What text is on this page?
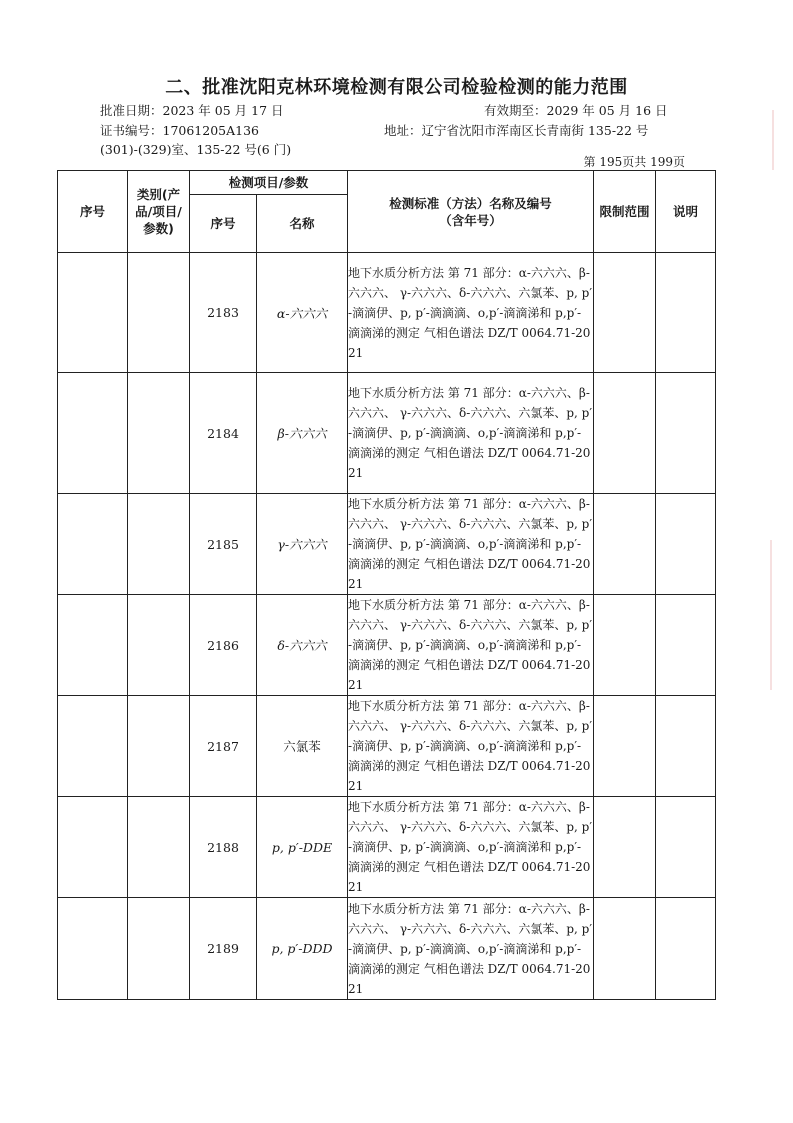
二、批准沈阳克林环境检测有限公司检验检测的能力范围
批准日期：2023 年 05 月 17 日	有效期至：2029 年 05 月 16 日
证书编号：17061205A136	地址：辽宁省沈阳市浑南区长青南街 135-22 号
(301)-(329)室、135-22 号(6 门)
第 195页共 199页
序号	类别(产品/项目/参数)	检测项目/参数		检测标准（方法）名称及编号（含年号）	限制范围	说明
		序号	名称			
		2183	α-六六六	地下水质分析方法 第 71 部分：α-六六六、β-六六六、 γ-六六六、δ-六六六、六氯苯、p, p′-滴滴伊、p, p′-滴滴滴、o,p′-滴滴涕和 p,p′-滴滴涕的测定 气相色谱法 DZ/T 0064.71-2021		
		2184	β-六六六	地下水质分析方法 第 71 部分：α-六六六、β-六六六、 γ-六六六、δ-六六六、六氯苯、p, p′-滴滴伊、p, p′-滴滴滴、o,p′-滴滴涕和 p,p′-滴滴涕的测定 气相色谱法 DZ/T 0064.71-2021		
		2185	γ-六六六	地下水质分析方法 第 71 部分：α-六六六、β-六六六、 γ-六六六、δ-六六六、六氯苯、p, p′-滴滴伊、p, p′-滴滴滴、o,p′-滴滴涕和 p,p′-滴滴涕的测定 气相色谱法 DZ/T 0064.71-2021		
		2186	δ-六六六	地下水质分析方法 第 71 部分：α-六六六、β-六六六、 γ-六六六、δ-六六六、六氯苯、p, p′-滴滴伊、p, p′-滴滴滴、o,p′-滴滴涕和 p,p′-滴滴涕的测定 气相色谱法 DZ/T 0064.71-2021		
		2187	六氯苯	地下水质分析方法 第 71 部分：α-六六六、β-六六六、 γ-六六六、δ-六六六、六氯苯、p, p′-滴滴伊、p, p′-滴滴滴、o,p′-滴滴涕和 p,p′-滴滴涕的测定 气相色谱法 DZ/T 0064.71-2021		
		2188	p, p′-DDE	地下水质分析方法 第 71 部分：α-六六六、β-六六六、 γ-六六六、δ-六六六、六氯苯、p, p′-滴滴伊、p, p′-滴滴滴、o,p′-滴滴涕和 p,p′-滴滴涕的测定 气相色谱法 DZ/T 0064.71-2021		
		2189	p, p′-DDD	地下水质分析方法 第 71 部分：α-六六六、β-六六六、 γ-六六六、δ-六六六、六氯苯、p, p′-滴滴伊、p, p′-滴滴滴、o,p′-滴滴涕和 p,p′-滴滴涕的测定 气相色谱法 DZ/T 0064.71-2021		
